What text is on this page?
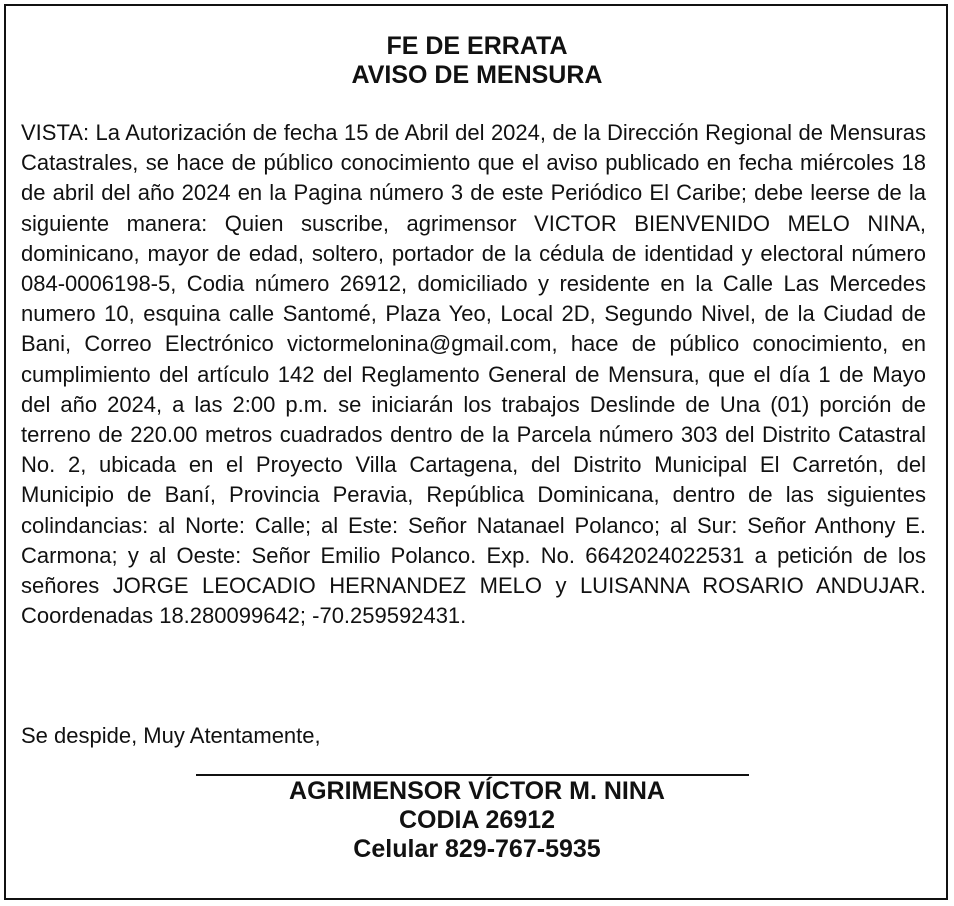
FE DE ERRATA
AVISO DE MENSURA

VISTA: La Autorización de fecha 15 de Abril del 2024, de la Dirección Regional de Mensuras Catastrales, se hace de público conocimiento que el aviso publicado en fecha miércoles 18 de abril del año 2024 en la Pagina número 3 de este Periódico El Caribe; debe leerse de la siguiente manera: Quien suscribe, agrimensor VICTOR BIENVENIDO MELO NINA, dominicano, mayor de edad, soltero, portador de la cédula de identidad y electoral número 084-0006198-5, Codia número 26912, domiciliado y residente en la Calle Las Mercedes numero 10, esquina calle Santomé, Plaza Yeo, Local 2D, Segundo Nivel, de la Ciudad de Bani, Correo Electrónico victormelonina@gmail.com, hace de público conocimiento, en cumplimiento del artículo 142 del Reglamento General de Mensura, que el día 1 de Mayo del año 2024, a las 2:00 p.m. se iniciarán los trabajos Deslinde de Una (01) porción de terreno de 220.00 metros cuadrados dentro de la Parcela número 303 del Distrito Catastral No. 2, ubicada en el Proyecto Villa Cartagena, del Distrito Municipal El Carretón, del Municipio de Baní, Provincia Peravia, República Dominicana, dentro de las siguientes colindancias: al Norte: Calle; al Este: Señor Natanael Polanco; al Sur: Señor Anthony E. Carmona; y al Oeste: Señor Emilio Polanco. Exp. No. 6642024022531 a petición de los señores JORGE LEOCADIO HERNANDEZ MELO y LUISANNA ROSARIO ANDUJAR. Coordenadas 18.280099642; -70.259592431.

Se despide, Muy Atentamente,

AGRIMENSOR VÍCTOR M. NINA

CODIA 26912

Celular 829-767-5935
